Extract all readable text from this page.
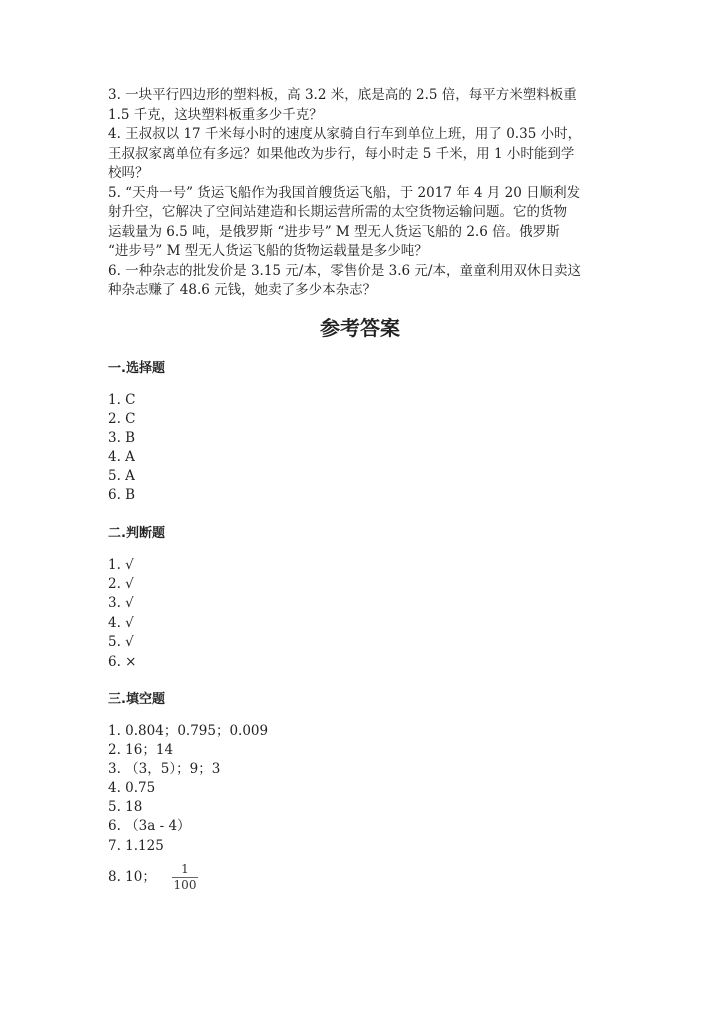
3. 一块平行四边形的塑料板，高 3.2 米，底是高的 2.5 倍，每平方米塑料板重
1.5 千克，这块塑料板重多少千克？
4. 王叔叔以 17 千米每小时的速度从家骑自行车到单位上班，用了 0.35 小时，
王叔叔家离单位有多远？如果他改为步行，每小时走 5 千米，用 1 小时能到学
校吗？
5. “天舟一号” 货运飞船作为我国首艘货运飞船，于 2017 年 4 月 20 日顺利发
射升空，它解决了空间站建造和长期运营所需的太空货物运输问题。它的货物
运载量为 6.5 吨，是俄罗斯 “进步号” M 型无人货运飞船的 2.6 倍。俄罗斯
“进步号” M 型无人货运飞船的货物运载量是多少吨？
6. 一种杂志的批发价是 3.15 元/本，零售价是 3.6 元/本，童童利用双休日卖这
种杂志赚了 48.6 元钱，她卖了多少本杂志？
参考答案
一.选择题
1. C
2. C
3. B
4. A
5. A
6. B
二.判断题
1. √
2. √
3. √
4. √
5. √
6. ×
三.填空题
1. 0.804；0.795；0.009
2. 16；14
3. （3，5）；9；3
4. 0.75
5. 18
6. （3a - 4）
7. 1.125
8. 10； $\frac{1}{100}$
